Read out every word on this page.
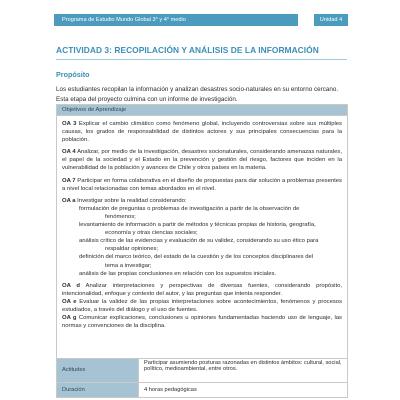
Programa de Estudio Mundo Global 3° y 4° medio	Unidad 4
ACTIVIDAD 3: RECOPILACIÓN Y ANÁLISIS DE LA INFORMACIÓN
Propósito
Los estudiantes recopilan la información y analizan desastres socio-naturales en su entorno cercano. Esta etapa del proyecto culmina con un informe de investigación.
Objetivos de Aprendizaje

OA 3 Explicar el cambio climático como fenómeno global, incluyendo controversias sobre sus múltiples causas, los grados de responsabilidad de distintos actores y sus principales consecuencias para la población.

OA 4 Analizar, por medio de la investigación, desastres socionaturales, considerando amenazas naturales, el papel de la sociedad y el Estado en la prevención y gestión del riesgo, factores que inciden en la vulnerabilidad de la población y avances de Chile y otros países en la materia.

OA 7 Participar en forma colaborativa en el diseño de propuestas para dar solución a problemas presentes a nivel local relacionadas con temas abordados en el nivel.

OA a Investigar sobre la realidad considerando:

formulación de preguntas o problemas de investigación a partir de la observación de
fenómenos;
levantamiento de información a partir de métodos y técnicas propias de historia, geografía,
economía y otras ciencias sociales;
análisis crítico de las evidencias y evaluación de su validez, considerando su uso ético para
respaldar opiniones;
definición del marco teórico, del estado de la cuestión y de los conceptos disciplinares del
tema a investigar;

análisis de las propias conclusiones en relación con los supuestos iniciales.

OA d Analizar interpretaciones y perspectivas de diversas fuentes, considerando propósito, intencionalidad, enfoque y contexto del autor, y las preguntas que intenta responder.

OA e Evaluar la validez de las propias interpretaciones sobre acontecimientos, fenómenos y procesos estudiados, a través del diálogo y el uso de fuentes.

OA g Comunicar explicaciones, conclusiones u opiniones fundamentadas haciendo uso de lenguaje, las normas y convenciones de la disciplina.

Actitudes
Participar asumiendo posturas razonadas en distintos ámbitos: cultural, social, político, medioambiental, entre otros.
Duración	4 horas pedagógicas
